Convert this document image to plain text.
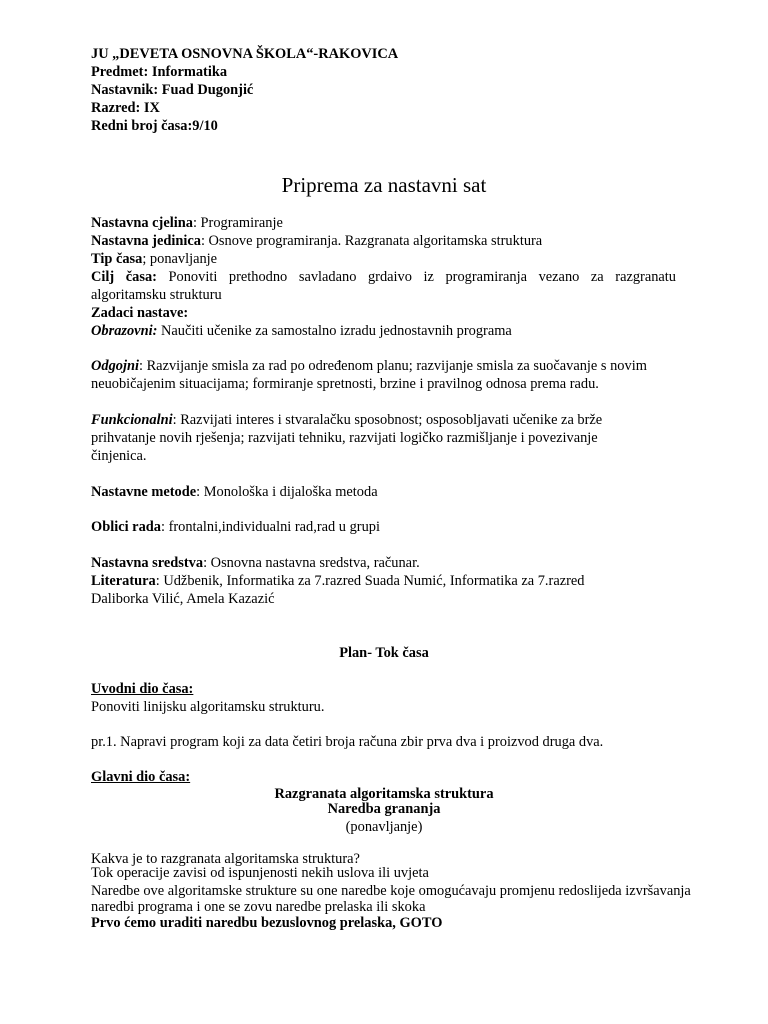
JU „DEVETA OSNOVNA ŠKOLA“-RAKOVICA
Predmet: Informatika
Nastavnik: Fuad Dugonjić
Razred: IX
Redni broj časa:9/10
Priprema za nastavni sat
Nastavna cjelina: Programiranje
Nastavna jedinica: Osnove programiranja. Razgranata algoritamska struktura
Tip časa; ponavljanje
Cilj časa: Ponoviti prethodno savladano grdaivo iz programiranja vezano za razgranatu
algoritamsku strukturu
Zadaci nastave:
Obrazovni: Naučiti učenike za samostalno izradu jednostavnih programa
Odgojni: Razvijanje smisla za rad po određenom planu; razvijanje smisla za suočavanje s novim
neuobičajenim situacijama; formiranje spretnosti, brzine i pravilnog odnosa prema radu.
Funkcionalni: Razvijati interes i stvaralačku sposobnost; osposobljavati učenike za brže
prihvatanje novih rješenja; razvijati tehniku, razvijati logičko razmišljanje i povezivanje
činjenica.
Nastavne metode: Monološka i dijaloška metoda
Oblici rada: frontalni,individualni rad,rad u grupi
Nastavna sredstva: Osnovna nastavna sredstva, računar.
Literatura: Udžbenik, Informatika za 7.razred Suada Numić, Informatika za 7.razred
Daliborka Vilić, Amela Kazazić
Plan- Tok časa
Uvodni dio časa:
Ponoviti linijsku algoritamsku strukturu.
pr.1. Napravi program koji za data četiri broja računa zbir prva dva i proizvod druga dva.
Glavni dio časa:
Razgranata algoritamska struktura
Naredba grananja
(ponavljanje)
Kakva je to razgranata algoritamska struktura?
Tok operacije zavisi od ispunjenosti nekih uslova ili uvjeta
Naredbe ove algoritamske strukture su one naredbe koje omogućavaju promjenu redoslijeda izvršavanja
naredbi programa i one se zovu naredbe prelaska ili skoka
Prvo ćemo uraditi naredbu bezuslovnog prelaska, GOTO
